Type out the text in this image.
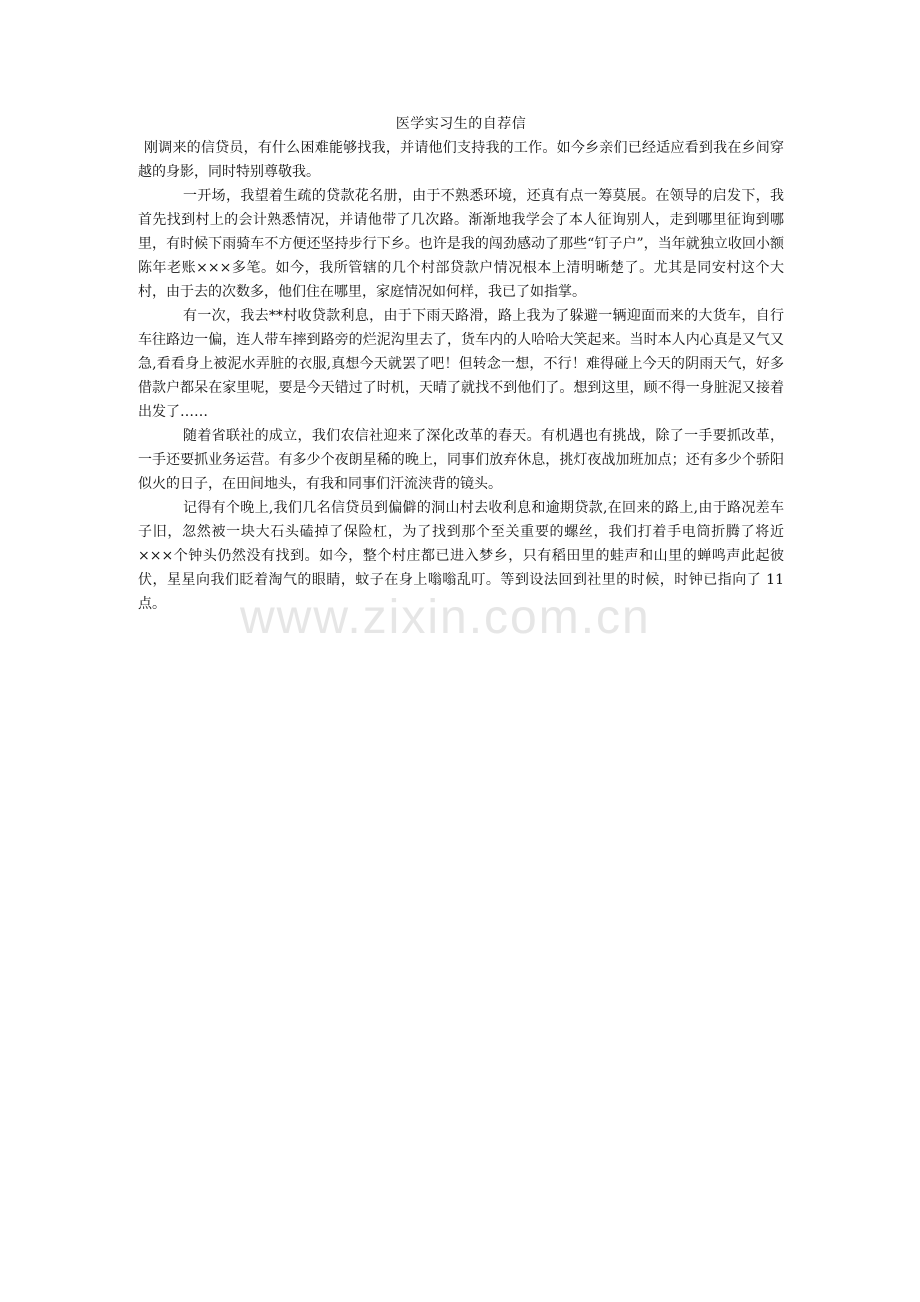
www.zixin.com.cn
医学实习生的自荐信

刚调来的信贷员，有什么困难能够找我，并请他们支持我的工作。如今乡亲们已经适应看到我在乡间穿越的身影，同时特别尊敬我。

一开场，我望着生疏的贷款花名册，由于不熟悉环境，还真有点一筹莫展。在领导的启发下，我首先找到村上的会计熟悉情况，并请他带了几次路。渐渐地我学会了本人征询别人，走到哪里征询到哪里，有时候下雨骑车不方便还坚持步行下乡。也许是我的闯劲感动了那些“钉子户”，当年就独立收回小额陈年老账×××多笔。如今，我所管辖的几个村部贷款户情况根本上清明晰楚了。尤其是同安村这个大村，由于去的次数多，他们住在哪里，家庭情况如何样，我已了如指掌。

有一次，我去**村收贷款利息，由于下雨天路滑，路上我为了躲避一辆迎面而来的大货车，自行车往路边一偏，连人带车摔到路旁的烂泥沟里去了，货车内的人哈哈大笑起来。当时本人内心真是又气又急,看看身上被泥水弄脏的衣服,真想今天就罢了吧！但转念一想，不行！难得碰上今天的阴雨天气，好多借款户都呆在家里呢，要是今天错过了时机，天晴了就找不到他们了。想到这里，顾不得一身脏泥又接着出发了……

随着省联社的成立，我们农信社迎来了深化改革的春天。有机遇也有挑战，除了一手要抓改革，一手还要抓业务运营。有多少个夜朗星稀的晚上，同事们放弃休息，挑灯夜战加班加点；还有多少个骄阳似火的日子，在田间地头，有我和同事们汗流浃背的镜头。

记得有个晚上,我们几名信贷员到偏僻的洞山村去收利息和逾期贷款,在回来的路上,由于路况差车子旧，忽然被一块大石头磕掉了保险杠，为了找到那个至关重要的螺丝，我们打着手电筒折腾了将近×××个钟头仍然没有找到。如今，整个村庄都已进入梦乡，只有稻田里的蛙声和山里的蝉鸣声此起彼伏，星星向我们眨着淘气的眼睛，蚊子在身上嗡嗡乱叮。等到设法回到社里的时候，时钟已指向了 11 点。
